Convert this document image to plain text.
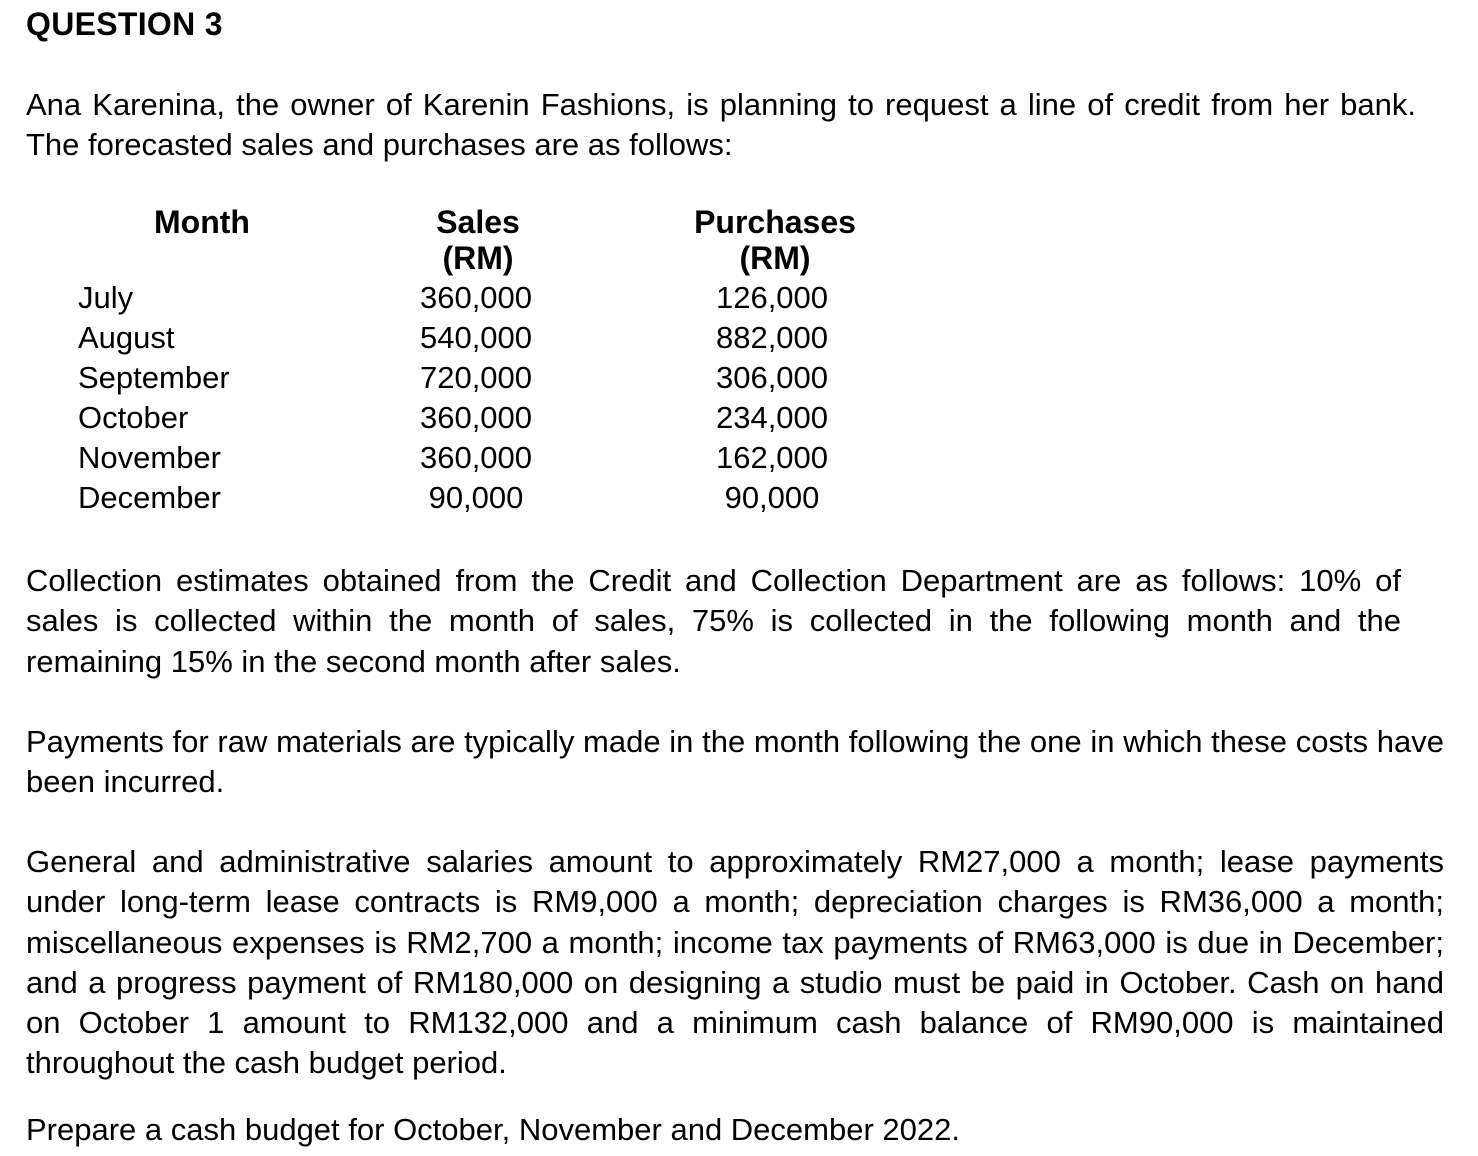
QUESTION 3

Ana Karenina, the owner of Karenin Fashions, is planning to request a line of credit from her bank. The forecasted sales and purchases are as follows:

Month	Sales
(RM)
Purchases
(RM)
July
August
September
October
November
December
360,000
540,000
720,000
360,000
360,000
90,000
126,000
882,000
306,000
234,000
162,000
90,000

Collection estimates obtained from the Credit and Collection Department are as follows: 10% of sales is collected within the month of sales, 75% is collected in the following month and the remaining 15% in the second month after sales.

Payments for raw materials are typically made in the month following the one in which these costs have been incurred.

General and administrative salaries amount to approximately RM27,000 a month; lease payments under long-term lease contracts is RM9,000 a month; depreciation charges is RM36,000 a month; miscellaneous expenses is RM2,700 a month; income tax payments of RM63,000 is due in December; and a progress payment of RM180,000 on designing a studio must be paid in October. Cash on hand on October 1 amount to RM132,000 and a minimum cash balance of RM90,000 is maintained throughout the cash budget period.

Prepare a cash budget for October, November and December 2022.
